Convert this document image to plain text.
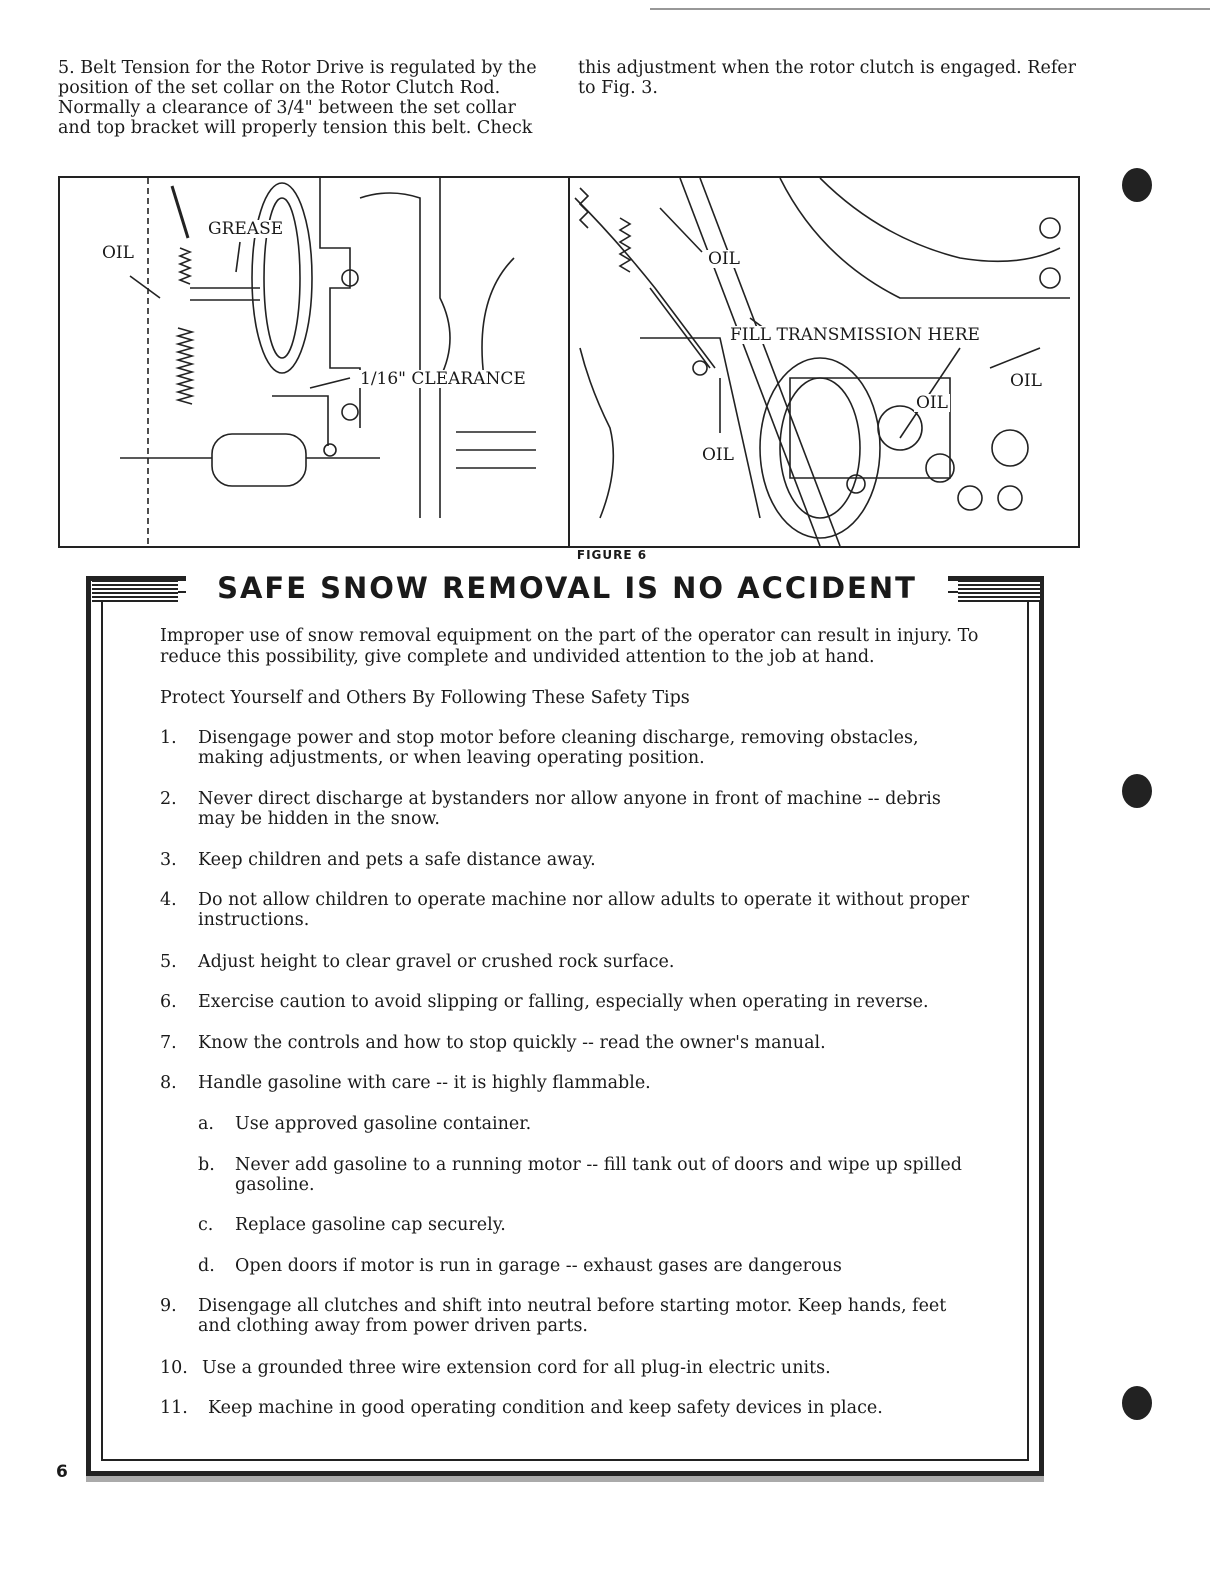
5. Belt Tension for the Rotor Drive is regulated by the position of the set collar on the Rotor Clutch Rod. Normally a clearance of 3/4" between the set collar and top bracket will properly tension this belt. Check
this adjustment when the rotor clutch is engaged. Refer to Fig. 3.
OIL
GREASE
1/16" CLEARANCE
OIL
FILL TRANSMISSION HERE
OIL
OIL
OIL
FIGURE 6
SAFE SNOW REMOVAL IS NO ACCIDENT
Improper use of snow removal equipment on the part of the operator can result in injury. To reduce this possibility, give complete and undivided attention to the job at hand.
Protect Yourself and Others By Following These Safety Tips
1. Disengage power and stop motor before cleaning discharge, removing obstacles, making adjustments, or when leaving operating position.
2. Never direct discharge at bystanders nor allow anyone in front of machine -- debris may be hidden in the snow.
3. Keep children and pets a safe distance away.
4. Do not allow children to operate machine nor allow adults to operate it without proper instructions.
5. Adjust height to clear gravel or crushed rock surface.
6. Exercise caution to avoid slipping or falling, especially when operating in reverse.
7. Know the controls and how to stop quickly -- read the owner's manual.
8. Handle gasoline with care -- it is highly flammable.
a. Use approved gasoline container.
b. Never add gasoline to a running motor -- fill tank out of doors and wipe up spilled gasoline.
c. Replace gasoline cap securely.
d. Open doors if motor is run in garage -- exhaust gases are dangerous
9. Disengage all clutches and shift into neutral before starting motor. Keep hands, feet and clothing away from power driven parts.
10. Use a grounded three wire extension cord for all plug-in electric units.
11. Keep machine in good operating condition and keep safety devices in place.
6
